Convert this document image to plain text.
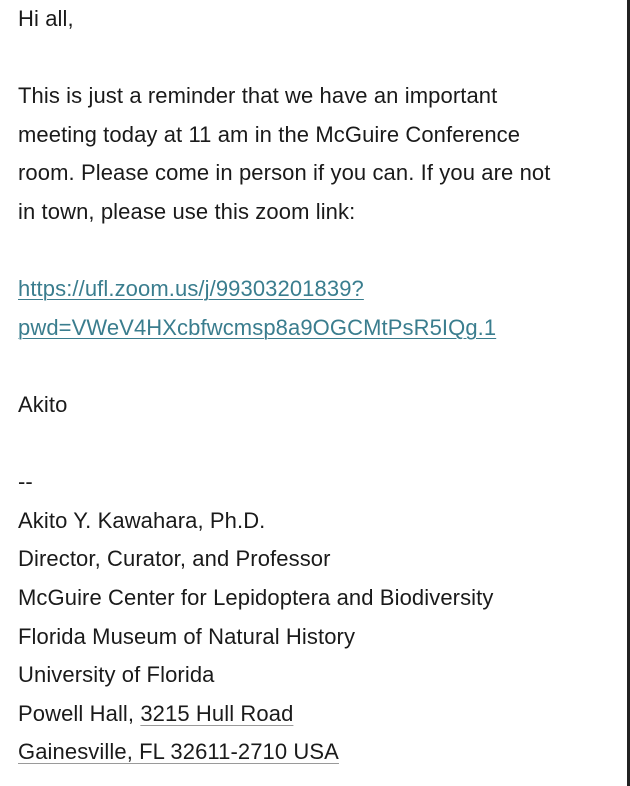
Hi all,
This is just a reminder that we have an important
meeting today at 11 am in the McGuire Conference
room. Please come in person if you can. If you are not
in town, please use this zoom link:
https://ufl.zoom.us/j/99303201839?
pwd=VWeV4HXcbfwcmsp8a9OGCMtPsR5IQg.1
Akito
--
Akito Y. Kawahara, Ph.D.
Director, Curator, and Professor
McGuire Center for Lepidoptera and Biodiversity
Florida Museum of Natural History
University of Florida
Powell Hall, 3215 Hull Road
Gainesville, FL 32611-2710 USA
